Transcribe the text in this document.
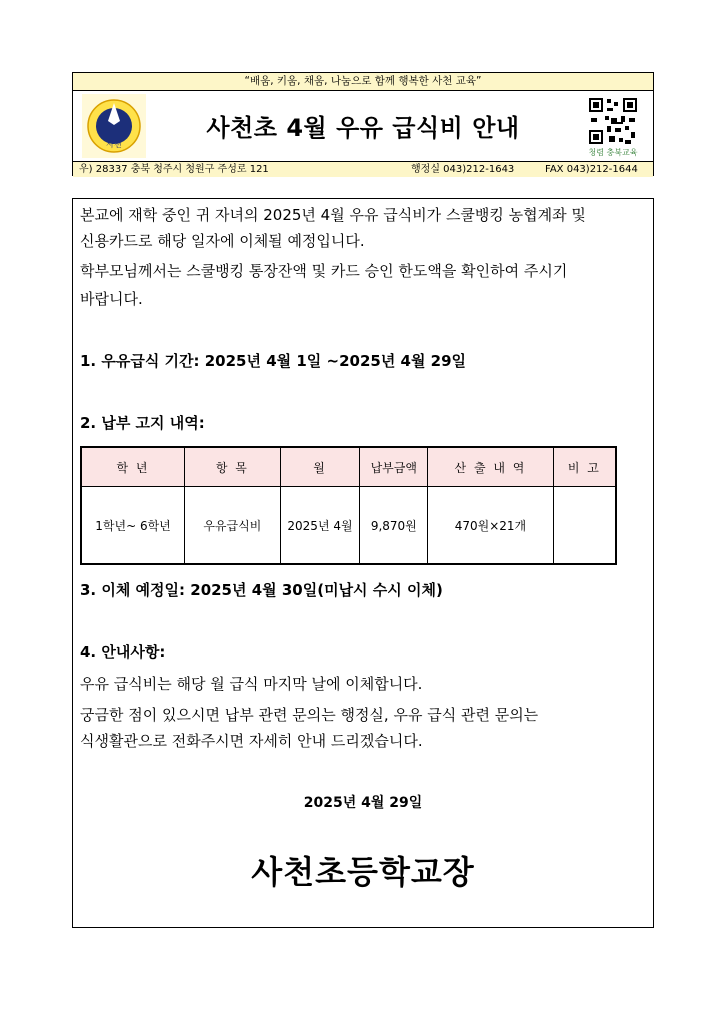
“배움, 키움, 채움, 나눔으로 함께 행복한 사천 교육”
사천
사천초 4월 우유 급식비 안내
청렴 충북교육
우) 28337 충북 청주시 청원구 주성로 121	행정실 043)212-1643	FAX 043)212-1644
본교에 재학 중인 귀 자녀의 2025년 4월 우유 급식비가 스쿨뱅킹 농협계좌 및
신용카드로 해당 일자에 이체될 예정입니다.
학부모님께서는 스쿨뱅킹 통장잔액 및 카드 승인 한도액을 확인하여 주시기
바랍니다.
1. 우유급식 기간: 2025년 4월 1일 ~2025년 4월 29일
2. 납부 고지 내역:
학 년	항 목	월	납부금액	산 출 내 역	비 고
1학년~ 6학년	우유급식비	2025년 4월	9,870원	470원×21개	
3. 이체 예정일: 2025년 4월 30일(미납시 수시 이체)
4. 안내사항:
우유 급식비는 해당 월 급식 마지막 날에 이체합니다.
궁금한 점이 있으시면 납부 관련 문의는 행정실, 우유 급식 관련 문의는
식생활관으로 전화주시면 자세히 안내 드리겠습니다.
2025년 4월 29일
사천초등학교장
